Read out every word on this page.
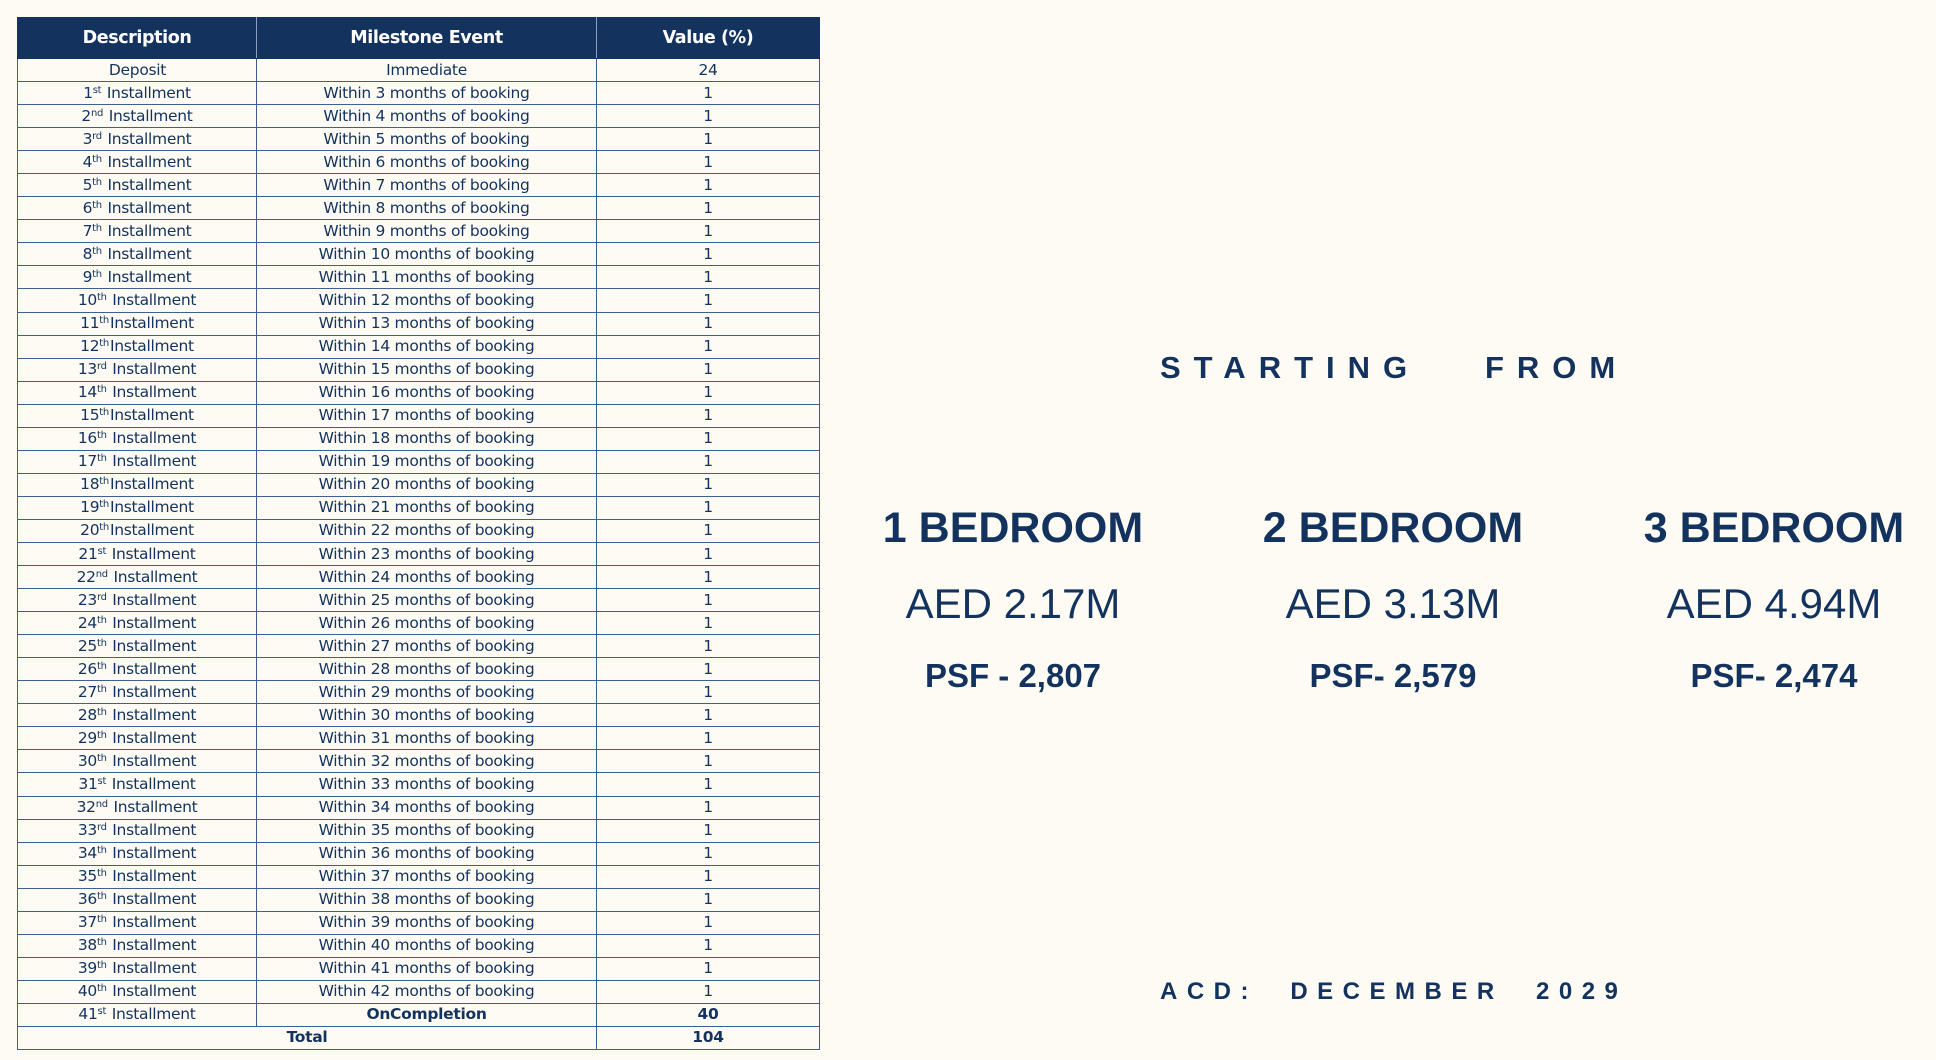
Description	Milestone Event	Value (%)
Deposit	Immediate	24
1st Installment	Within 3 months of booking	1
2nd Installment	Within 4 months of booking	1
3rd Installment	Within 5 months of booking	1
4th Installment	Within 6 months of booking	1
5th Installment	Within 7 months of booking	1
6th Installment	Within 8 months of booking	1
7th Installment	Within 9 months of booking	1
8th Installment	Within 10 months of booking	1
9th Installment	Within 11 months of booking	1
10th Installment	Within 12 months of booking	1
11thInstallment	Within 13 months of booking	1
12thInstallment	Within 14 months of booking	1
13rd Installment	Within 15 months of booking	1
14th Installment	Within 16 months of booking	1
15thInstallment	Within 17 months of booking	1
16th Installment	Within 18 months of booking	1
17th Installment	Within 19 months of booking	1
18thInstallment	Within 20 months of booking	1
19thInstallment	Within 21 months of booking	1
20thInstallment	Within 22 months of booking	1
21st Installment	Within 23 months of booking	1
22nd Installment	Within 24 months of booking	1
23rd Installment	Within 25 months of booking	1
24th Installment	Within 26 months of booking	1
25th Installment	Within 27 months of booking	1
26th Installment	Within 28 months of booking	1
27th Installment	Within 29 months of booking	1
28th Installment	Within 30 months of booking	1
29th Installment	Within 31 months of booking	1
30th Installment	Within 32 months of booking	1
31st Installment	Within 33 months of booking	1
32nd Installment	Within 34 months of booking	1
33rd Installment	Within 35 months of booking	1
34th Installment	Within 36 months of booking	1
35th Installment	Within 37 months of booking	1
36th Installment	Within 38 months of booking	1
37th Installment	Within 39 months of booking	1
38th Installment	Within 40 months of booking	1
39th Installment	Within 41 months of booking	1
40th Installment	Within 42 months of booking	1
41st Installment	OnCompletion	40
Total		104
STARTING   FROM
1 BEDROOM
AED 2.17M
PSF - 2,807
2 BEDROOM
AED 3.13M
PSF- 2,579
3 BEDROOM
AED 4.94M
PSF- 2,474
ACD:  DECEMBER  2029
